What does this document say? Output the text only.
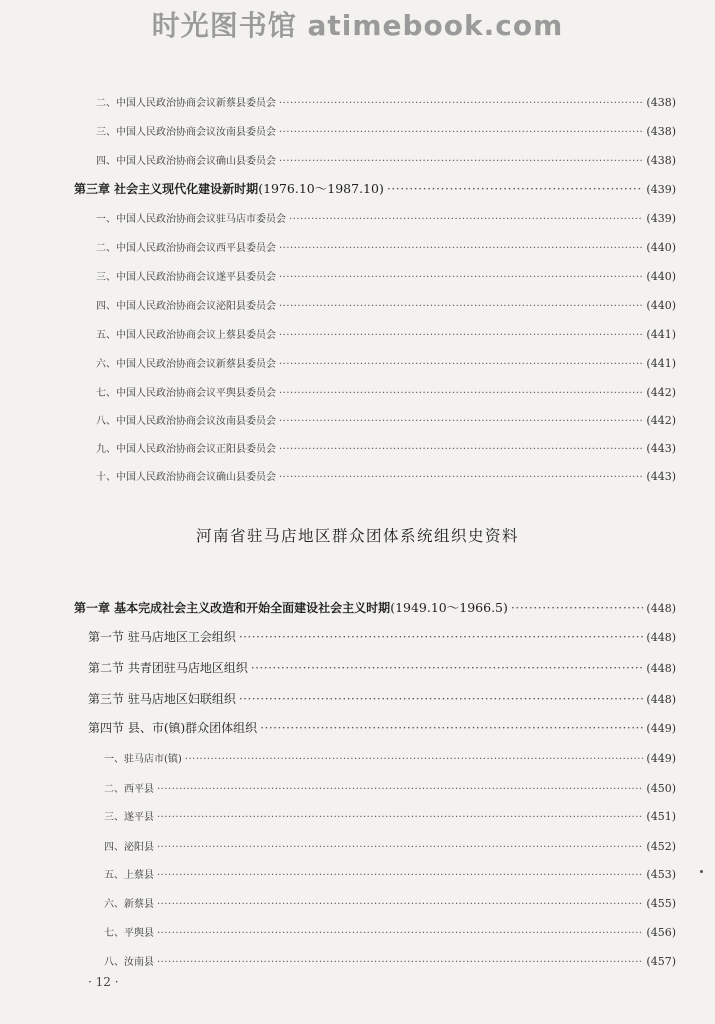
时光图书馆 atimebook.com
二、中国人民政治协商会议新蔡县委员会 ·····	(438)
三、中国人民政治协商会议汝南县委员会 ·····	(438)
四、中国人民政治协商会议确山县委员会 ·····	(438)
第三章 社会主义现代化建设新时期(1976.10～1987.10) ·····	(439)
一、中国人民政治协商会议驻马店市委员会 ·····	(439)
二、中国人民政治协商会议西平县委员会 ·····	(440)
三、中国人民政治协商会议遂平县委员会 ·····	(440)
四、中国人民政治协商会议泌阳县委员会 ·····	(440)
五、中国人民政治协商会议上蔡县委员会 ·····	(441)
六、中国人民政治协商会议新蔡县委员会 ·····	(441)
七、中国人民政治协商会议平舆县委员会 ·····	(442)
八、中国人民政治协商会议汝南县委员会 ·····	(442)
九、中国人民政治协商会议正阳县委员会 ·····	(443)
十、中国人民政治协商会议确山县委员会 ·····	(443)
河南省驻马店地区群众团体系统组织史资料
第一章 基本完成社会主义改造和开始全面建设社会主义时期(1949.10～1966.5) ·····	(448)
第一节 驻马店地区工会组织 ·····	(448)
第二节 共青团驻马店地区组织 ·····	(448)
第三节 驻马店地区妇联组织 ·····	(448)
第四节 县、市(镇)群众团体组织 ·····	(449)
一、驻马店市(镇) ·····	(449)
二、西平县 ·····	(450)
三、遂平县 ·····	(451)
四、泌阳县 ·····	(452)
五、上蔡县 ·····	(453)
六、新蔡县 ·····	(455)
七、平舆县 ·····	(456)
八、汝南县 ·····	(457)
· 12 ·
